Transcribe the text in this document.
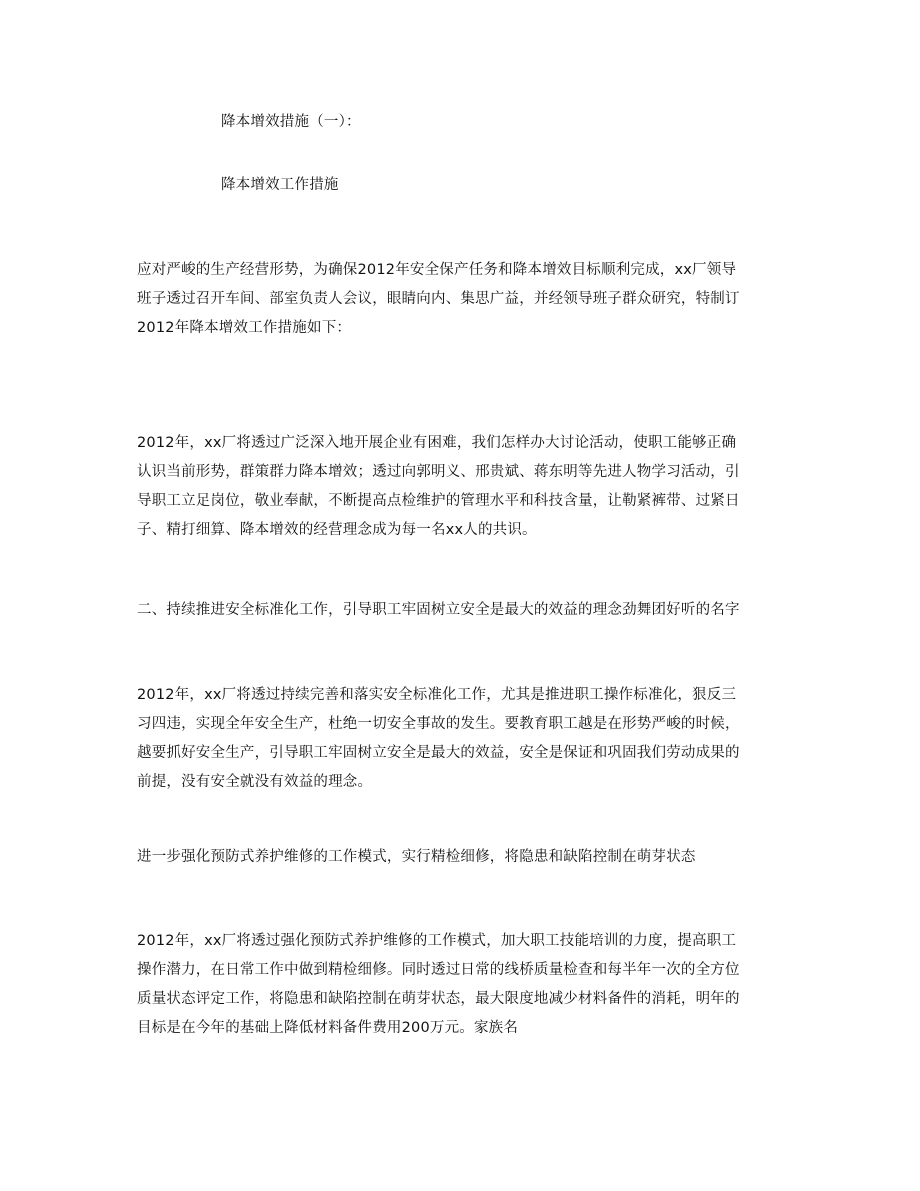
降本增效措施（一）：
降本增效工作措施
应对严峻的生产经营形势，为确保2012年安全保产任务和降本增效目标顺利完成，xx厂领导
班子透过召开车间、部室负责人会议，眼睛向内、集思广益，并经领导班子群众研究，特制订
2012年降本增效工作措施如下：
2012年，xx厂将透过广泛深入地开展企业有困难，我们怎样办大讨论活动，使职工能够正确
认识当前形势，群策群力降本增效；透过向郭明义、邢贵斌、蒋东明等先进人物学习活动，引
导职工立足岗位，敬业奉献，不断提高点检维护的管理水平和科技含量，让勒紧裤带、过紧日
子、精打细算、降本增效的经营理念成为每一名xx人的共识。
二、持续推进安全标准化工作，引导职工牢固树立安全是最大的效益的理念劲舞团好听的名字
2012年，xx厂将透过持续完善和落实安全标准化工作，尤其是推进职工操作标准化，狠反三
习四违，实现全年安全生产，杜绝一切安全事故的发生。要教育职工越是在形势严峻的时候，
越要抓好安全生产，引导职工牢固树立安全是最大的效益，安全是保证和巩固我们劳动成果的
前提，没有安全就没有效益的理念。
进一步强化预防式养护维修的工作模式，实行精检细修，将隐患和缺陷控制在萌芽状态
2012年，xx厂将透过强化预防式养护维修的工作模式，加大职工技能培训的力度，提高职工
操作潜力，在日常工作中做到精检细修。同时透过日常的线桥质量检查和每半年一次的全方位
质量状态评定工作，将隐患和缺陷控制在萌芽状态，最大限度地减少材料备件的消耗，明年的
目标是在今年的基础上降低材料备件费用200万元。家族名
